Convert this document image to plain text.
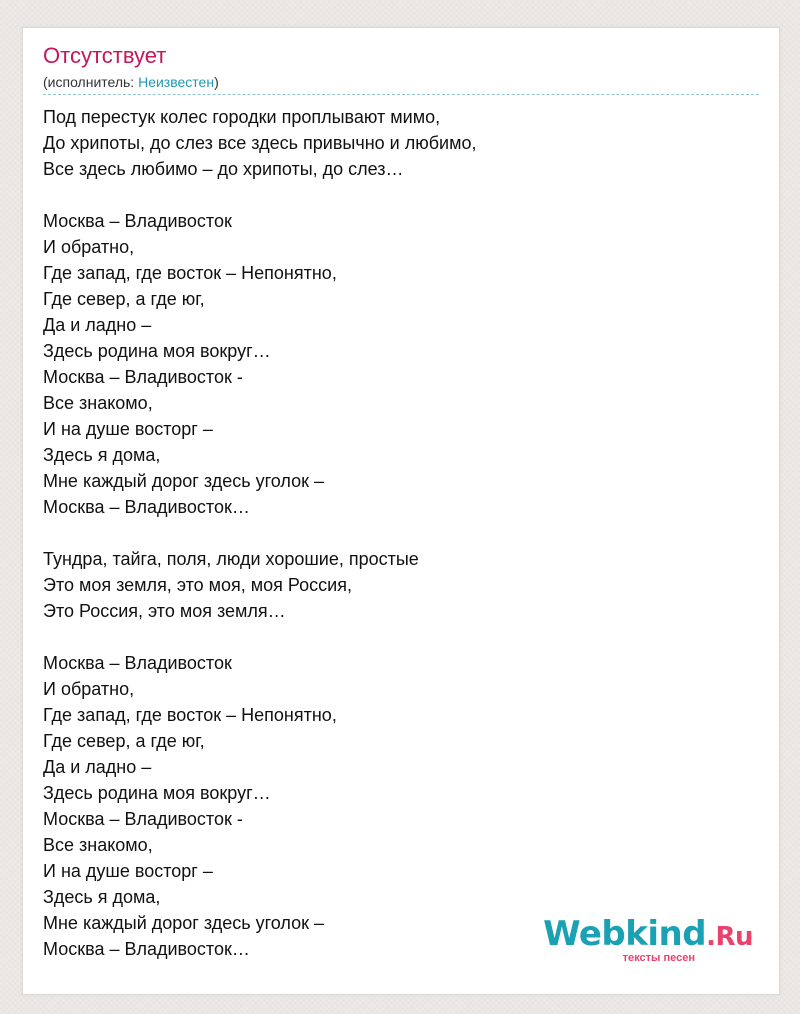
Отсутствует
(исполнитель: Неизвестен)
Под перестук колес городки проплывают мимо,
До хрипоты, до слез все здесь привычно и любимо,
Все здесь любимо – до хрипоты, до слез…
Москва – Владивосток
И обратно,
Где запад, где восток – Непонятно,
Где север, а где юг,
Да и ладно –
Здесь родина моя вокруг…
Москва – Владивосток -
Все знакомо,
И на душе восторг –
Здесь я дома,
Мне каждый дорог здесь уголок –
Москва – Владивосток…
Тундра, тайга, поля, люди хорошие, простые
Это моя земля, это моя, моя Россия,
Это Россия, это моя земля…
Москва – Владивосток
И обратно,
Где запад, где восток – Непонятно,
Где север, а где юг,
Да и ладно –
Здесь родина моя вокруг…
Москва – Владивосток -
Все знакомо,
И на душе восторг –
Здесь я дома,
Мне каждый дорог здесь уголок –
Москва – Владивосток…	Webkind.Ru
тексты песен
